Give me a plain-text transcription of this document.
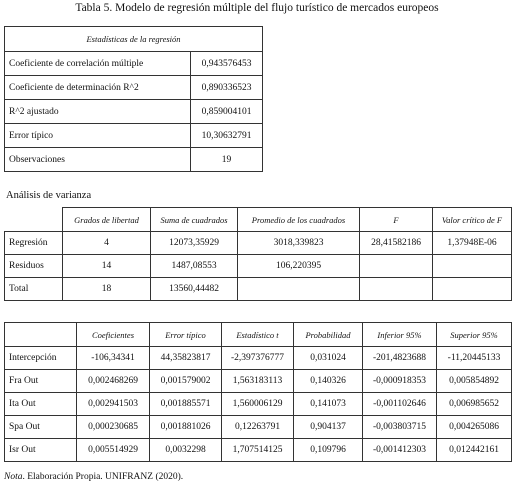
Tabla 5. Modelo de regresión múltiple del flujo turístico de mercados europeos
Estadísticas de la regresión	
Coeficiente de correlación múltiple	0,943576453
Coeficiente de determinación R^2	0,890336523
R^2 ajustado	0,859004101
Error típico	10,30632791
Observaciones	19
Análisis de varianza
	Grados de libertad	Suma de cuadrados	Promedio de los cuadrados	F	Valor crítico de F
Regresión	4	12073,35929	3018,339823	28,41582186	1,37948E-06
Residuos	14	1487,08553	106,220395		
Total	18	13560,44482			
	Coeficientes	Error típico	Estadístico t	Probabilidad	Inferior 95%	Superior 95%
Intercepción	-106,34341	44,35823817	-2,397376777	0,031024	-201,4823688	-11,20445133
Fra Out	0,002468269	0,001579002	1,563183113	0,140326	-0,000918353	0,005854892
Ita Out	0,002941503	0,001885571	1,560006129	0,141073	-0,001102646	0,006985652
Spa Out	0,000230685	0,001881026	0,12263791	0,904137	-0,003803715	0,004265086
Isr Out	0,005514929	0,0032298	1,707514125	0,109796	-0,001412303	0,012442161
Nota. Elaboración Propia. UNIFRANZ (2020).
